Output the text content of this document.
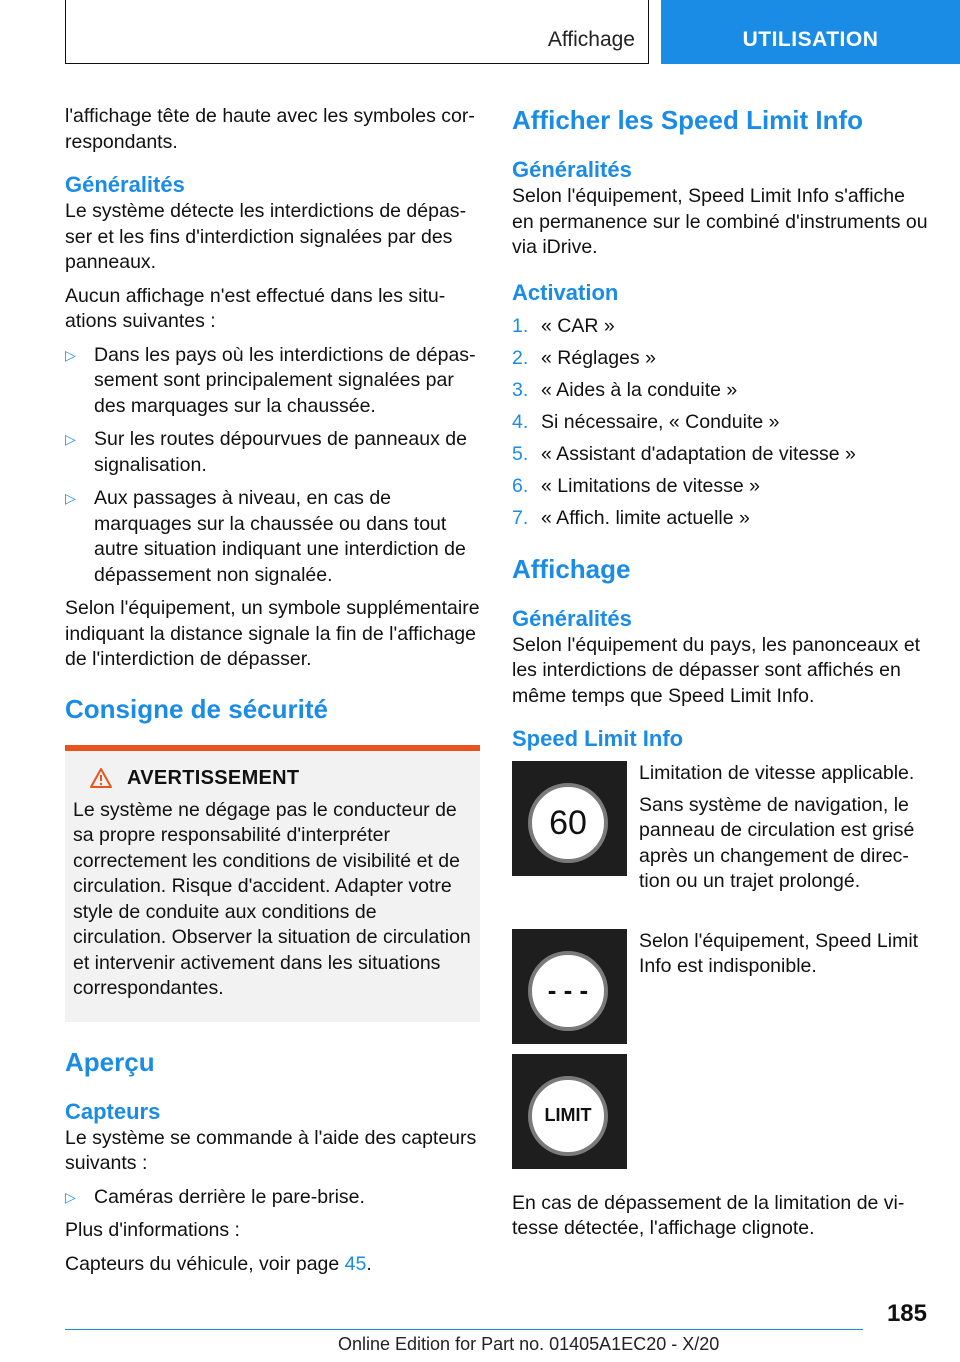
Affichage	UTILISATION

l'affichage tête de haute avec les symboles correspondants.

Généralités

Le système détecte les interdictions de dépasser et les fins d'interdiction signalées par des panneaux.

Aucun affichage n'est effectué dans les situations suivantes :

▷ Dans les pays où les interdictions de dépassement sont principalement signalées par des marquages sur la chaussée.
▷ Sur les routes dépourvues de panneaux de signalisation.
▷ Aux passages à niveau, en cas de marquages sur la chaussée ou dans tout autre situation indiquant une interdiction de dépassement non signalée.

Selon l'équipement, un symbole supplémentaire indiquant la distance signale la fin de l'affichage de l'interdiction de dépasser.

Consigne de sécurité
AVERTISSEMENT

Le système ne dégage pas le conducteur de sa propre responsabilité d'interpréter correctement les conditions de visibilité et de circulation. Risque d'accident. Adapter votre style de conduite aux conditions de circulation. Observer la situation de circulation et intervenir activement dans les situations correspondantes.

Aperçu
Capteurs

Le système se commande à l'aide des capteurs suivants :

▷ Caméras derrière le pare-brise.

Plus d'informations :

Capteurs du véhicule, voir page 45.

Afficher les Speed Limit Info
Généralités

Selon l'équipement, Speed Limit Info s'affiche en permanence sur le combiné d'instruments ou via iDrive.

Activation
1. « CAR »
2. « Réglages »
3. « Aides à la conduite »
4. Si nécessaire, « Conduite »
5. « Assistant d'adaptation de vitesse »
6. « Limitations de vitesse »
7. « Affich. limite actuelle »
Affichage
Généralités

Selon l'équipement du pays, les panonceaux et les interdictions de dépasser sont affichés en même temps que Speed Limit Info.

Speed Limit Info
60

Limitation de vitesse applicable.

Sans système de navigation, le panneau de circulation est grisé après un changement de direction ou un trajet prolongé.

- - -

Selon l'équipement, Speed Limit Info est indisponible.

LIMIT

En cas de dépassement de la limitation de vitesse détectée, l'affichage clignote.

185
Online Edition for Part no. 01405A1EC20 - X/20
